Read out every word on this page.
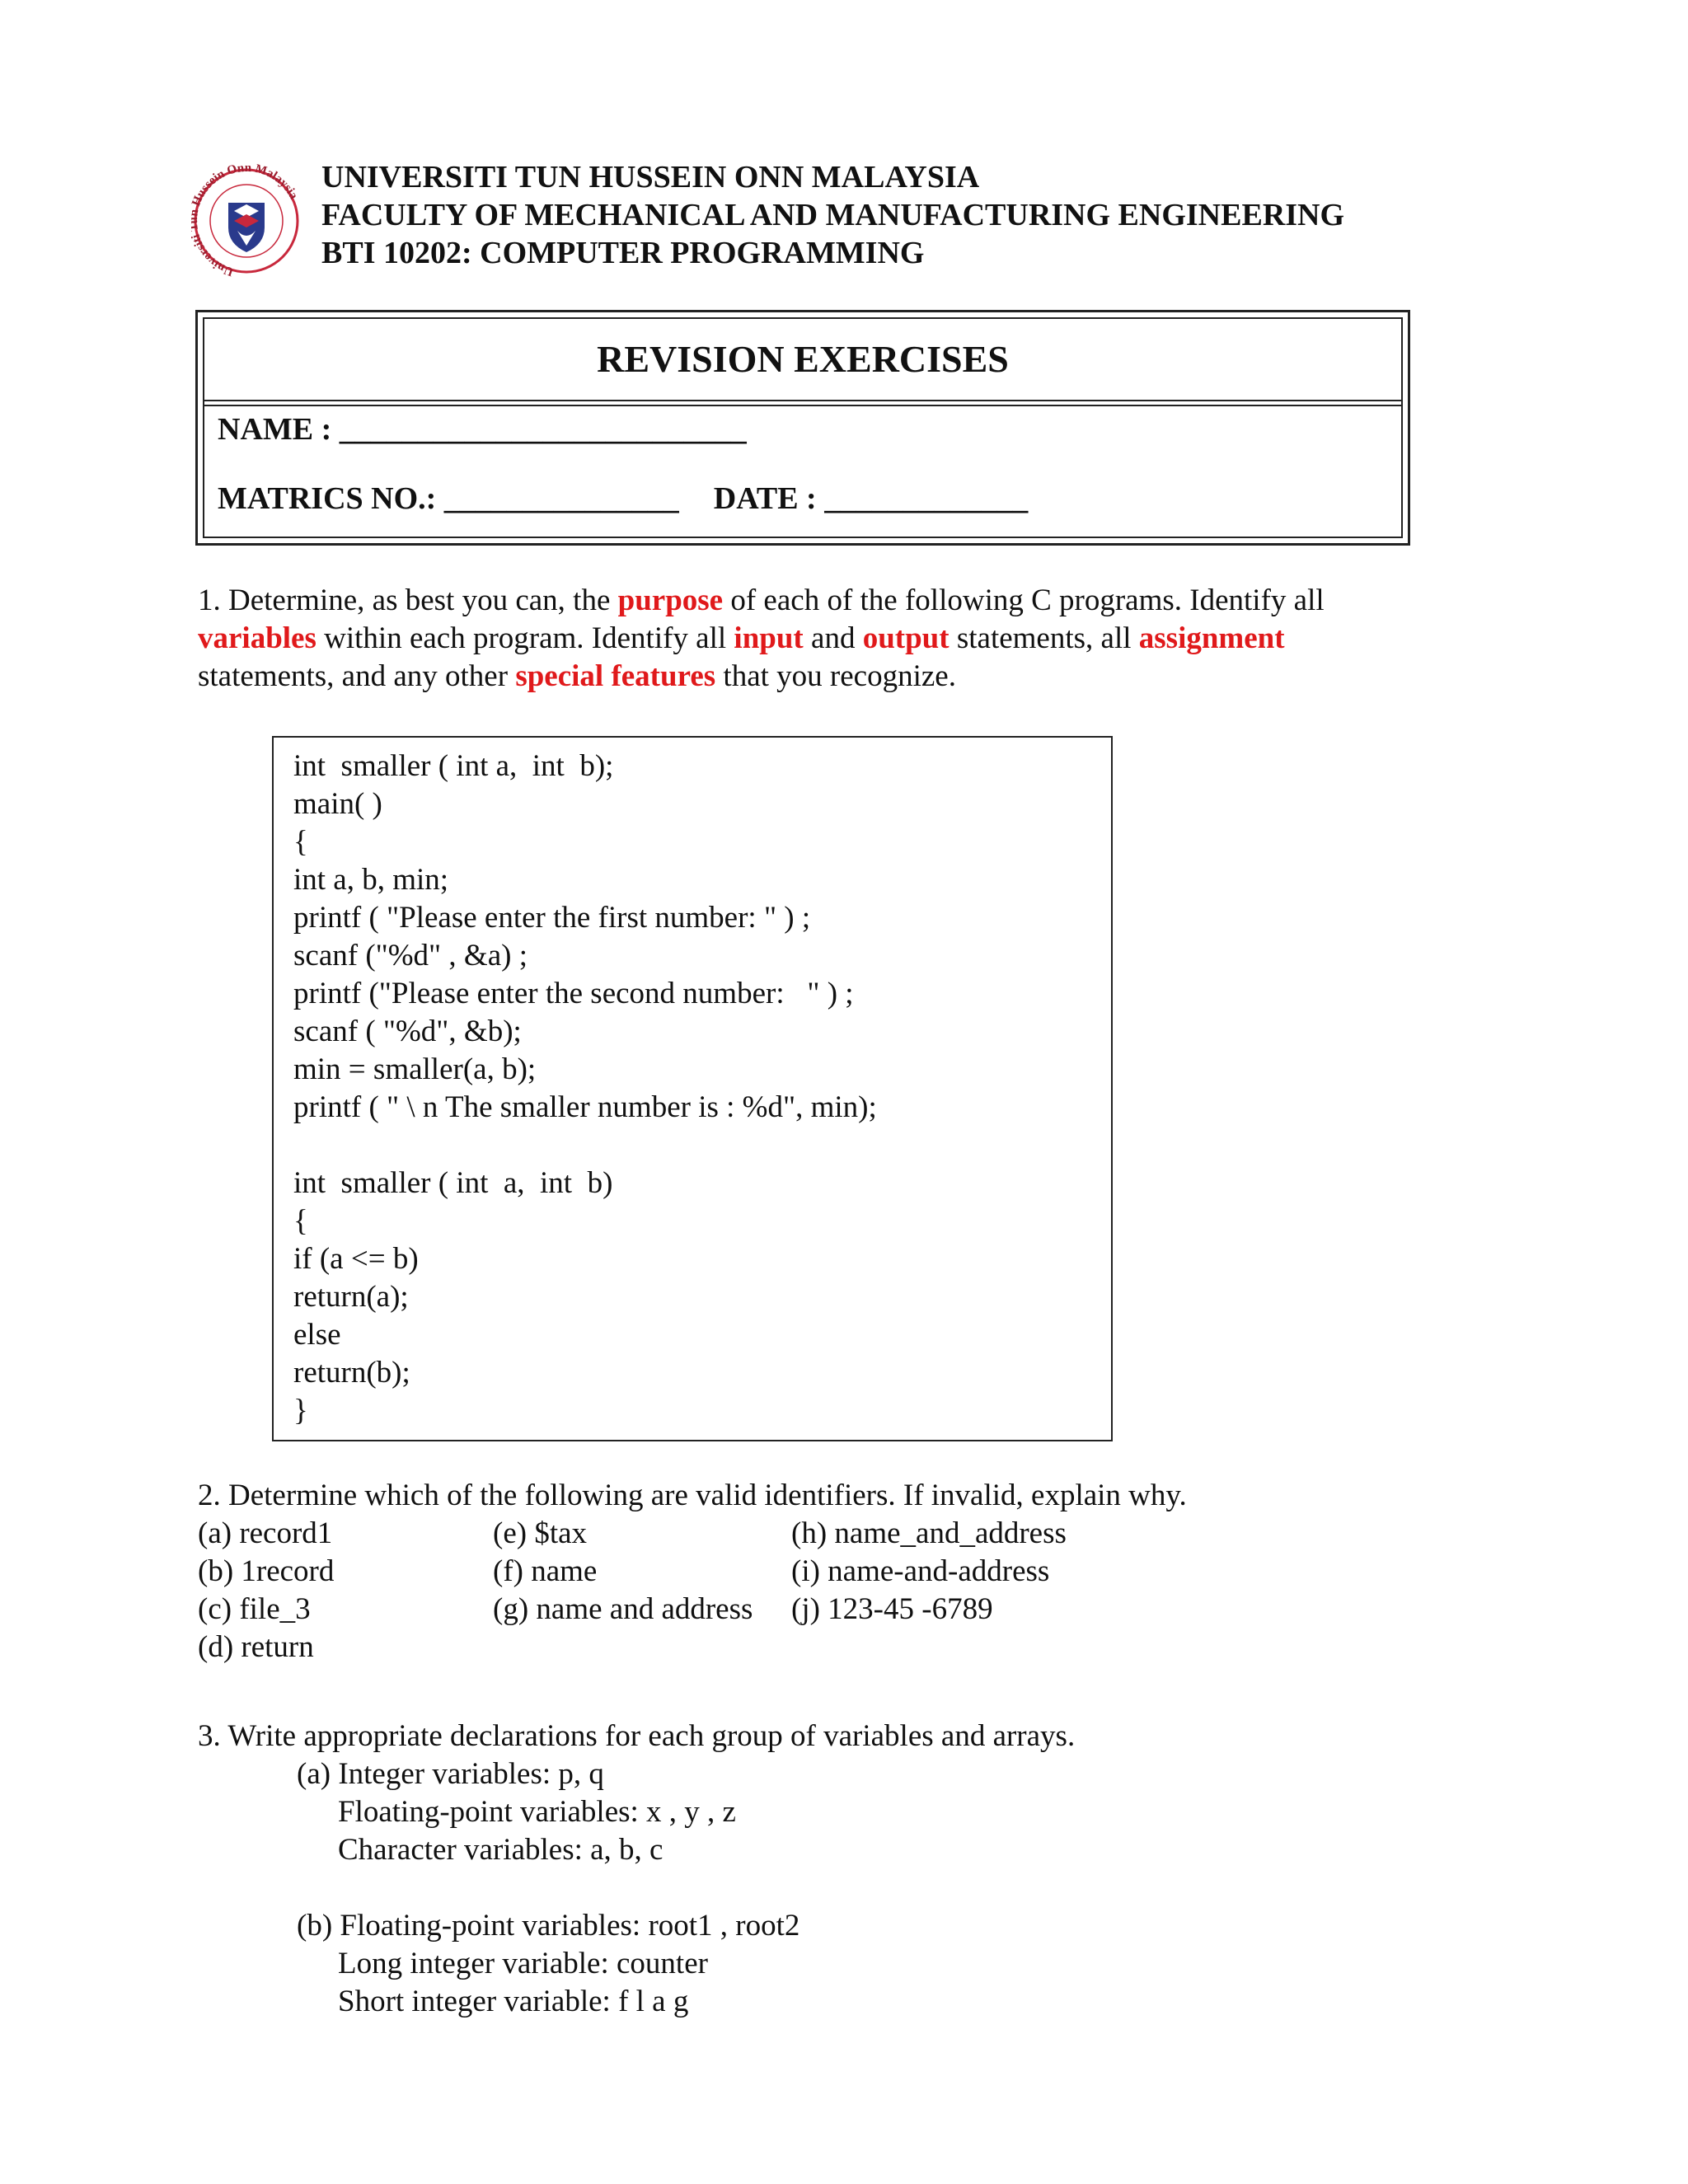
Universit Hussein Onn Malaysia
UNIVERSITI TUN HUSSEIN ONN MALAYSIA
FACULTY OF MECHANICAL AND MANUFACTURING ENGINEERING
BTI 10202: COMPUTER PROGRAMMING
REVISION EXERCISES
NAME : __________________________
MATRICS NO.: _______________ DATE : _____________
1. Determine, as best you can, the purpose of each of the following C programs. Identify all
variables within each program. Identify all input and output statements, all assignment
statements, and any other special features that you recognize.
int  smaller ( int a,  int  b);
main( )
{
int a, b, min;
printf ( "Please enter the first number: " ) ;
scanf ("%d" , &a) ;
printf ("Please enter the second number:   " ) ;
scanf ( "%d", &b);
min = smaller(a, b);
printf ( " \ n The smaller number is : %d", min);
int  smaller ( int  a,  int  b)
{
if (a <= b)
return(a);
else
return(b);
}
2. Determine which of the following are valid identifiers. If invalid, explain why.
(a) record1
(b) 1record
(c) file_3
(d) return
(e) $tax
(f) name
(g) name and address
(h) name_and_address
(i) name-and-address
(j) 123-45 -6789
3. Write appropriate declarations for each group of variables and arrays.
(a) Integer variables: p, q
Floating-point variables: x , y , z
Character variables: a, b, c
(b) Floating-point variables: root1 , root2
Long integer variable: counter
Short integer variable: f l a g
